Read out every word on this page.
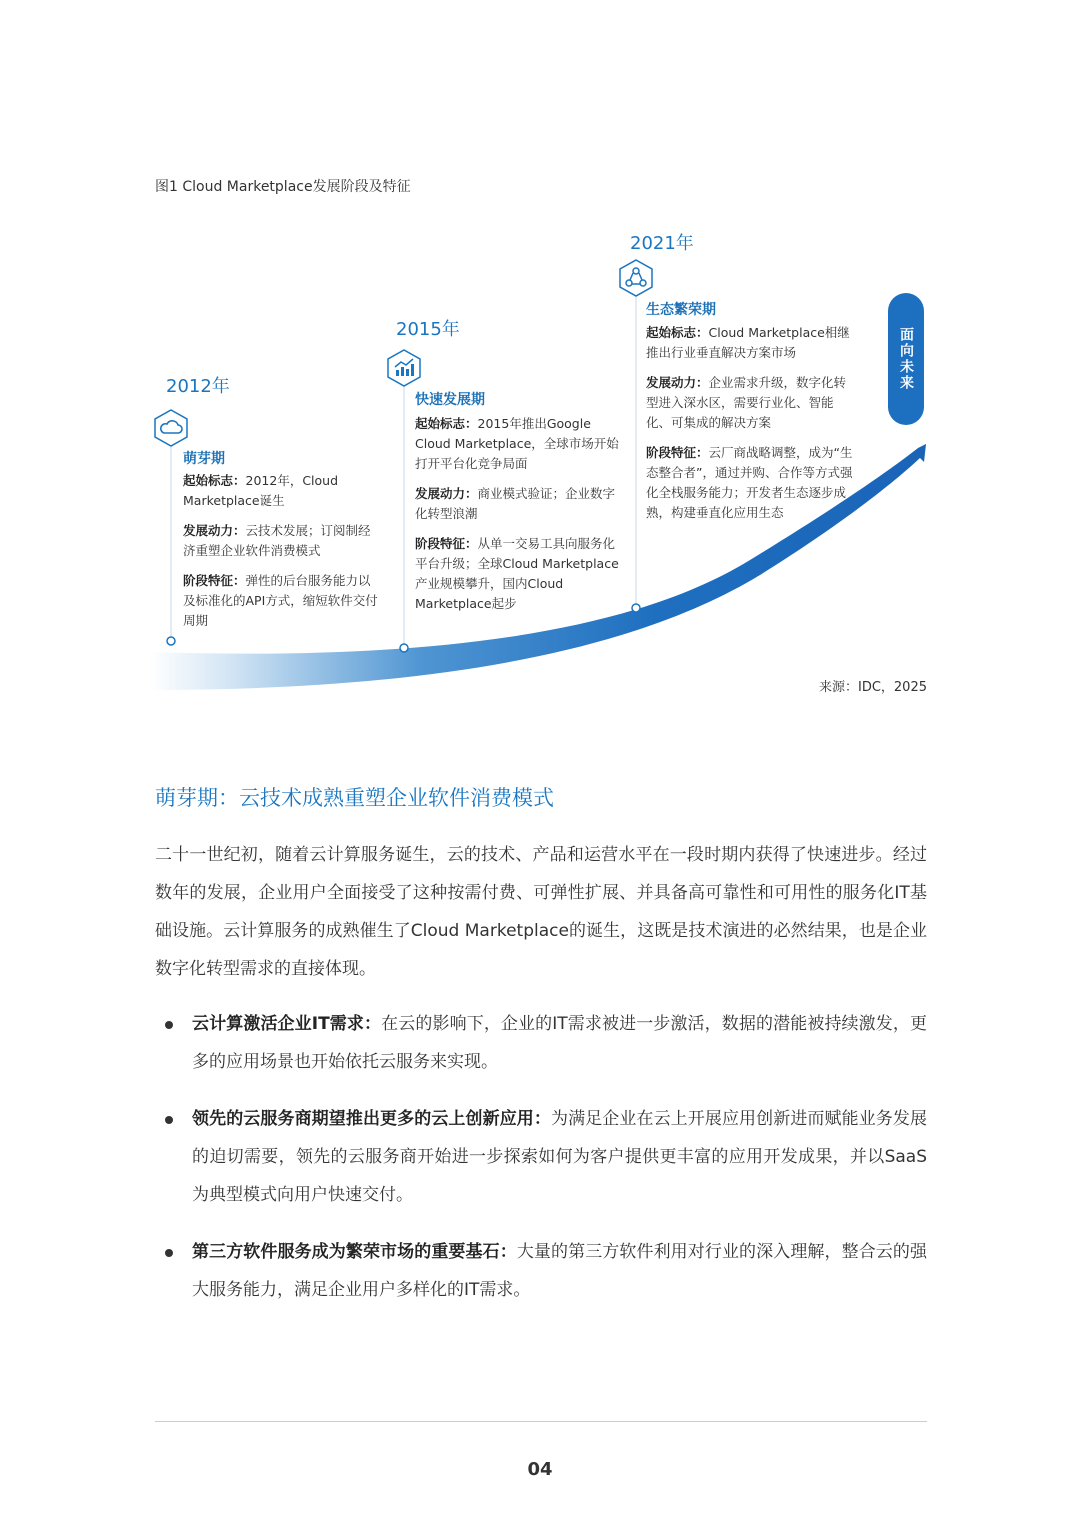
图1 Cloud Marketplace发展阶段及特征
2012年
萌芽期

起始标志：2012年，Cloud Marketplace诞生

发展动力：云技术发展；订阅制经济重塑企业软件消费模式

阶段特征：弹性的后台服务能力以及标准化的API方式，缩短软件交付周期

2015年
快速发展期

起始标志：2015年推出Google Cloud Marketplace，全球市场开始打开平台化竞争局面

发展动力：商业模式验证；企业数字化转型浪潮

阶段特征：从单一交易工具向服务化平台升级；全球Cloud Marketplace产业规模攀升，国内Cloud Marketplace起步

2021年
生态繁荣期

起始标志：Cloud Marketplace相继推出行业垂直解决方案市场

发展动力：企业需求升级，数字化转型进入深水区，需要行业化、智能化、可集成的解决方案

阶段特征：云厂商战略调整，成为“生态整合者”，通过并购、合作等方式强化全栈服务能力；开发者生态逐步成熟，构建垂直化应用生态

面向未来
来源：IDC，2025
萌芽期：云技术成熟重塑企业软件消费模式
二十一世纪初，随着云计算服务诞生，云的技术、产品和运营水平在一段时期内获得了快速进步。经过数年的发展，企业用户全面接受了这种按需付费、可弹性扩展、并具备高可靠性和可用性的服务化IT基础设施。云计算服务的成熟催生了Cloud Marketplace的诞生，这既是技术演进的必然结果，也是企业数字化转型需求的直接体现。
云计算激活企业IT需求：在云的影响下，企业的IT需求被进一步激活，数据的潜能被持续激发，更多的应用场景也开始依托云服务来实现。
领先的云服务商期望推出更多的云上创新应用：为满足企业在云上开展应用创新进而赋能业务发展的迫切需要，领先的云服务商开始进一步探索如何为客户提供更丰富的应用开发成果，并以SaaS为典型模式向用户快速交付。
第三方软件服务成为繁荣市场的重要基石：大量的第三方软件利用对行业的深入理解，整合云的强大服务能力，满足企业用户多样化的IT需求。
04
